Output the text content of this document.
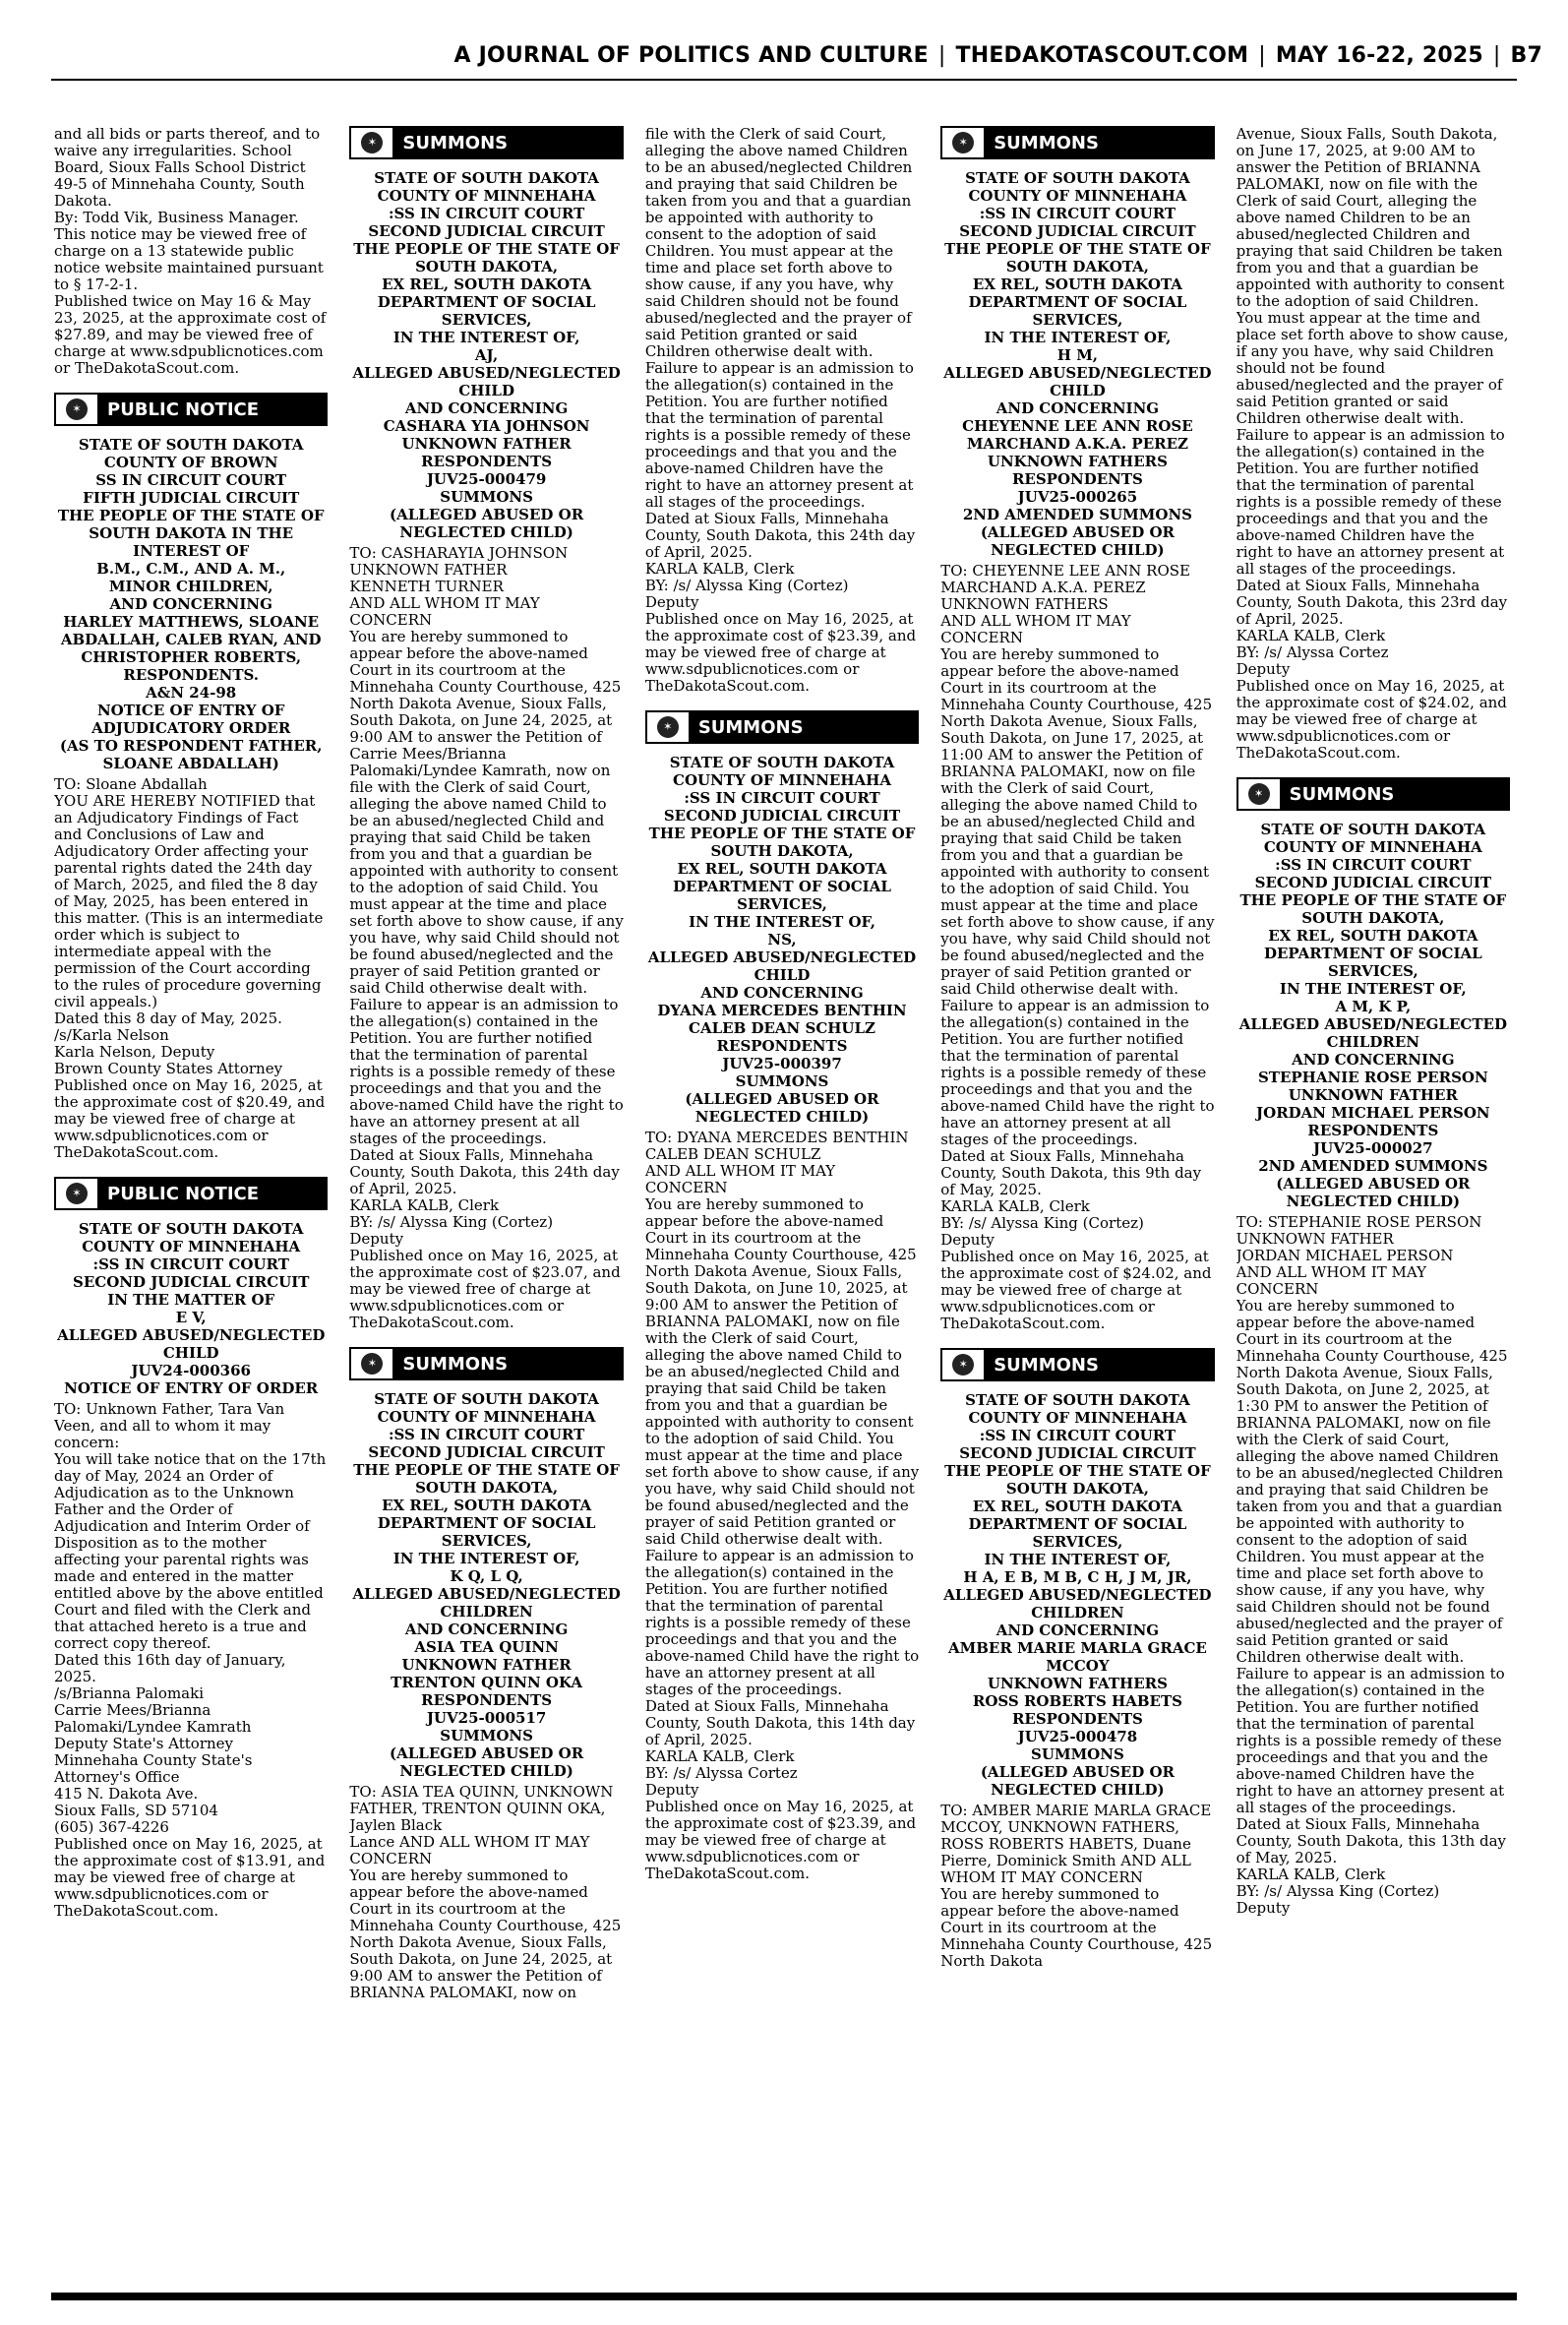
A JOURNAL OF POLITICS AND CULTURE | THEDAKOTASCOUT.COM | MAY 16-22, 2025 | B7
and all bids or parts thereof, and to waive any irregularities. School Board, Sioux Falls School District 49-5 of Minnehaha County, South Dakota.
By: Todd Vik, Business Manager.
This notice may be viewed free of charge on a 13 statewide public notice website maintained pursuant to § 17-2-1.
Published twice on May 16 & May 23, 2025, at the approximate cost of $27.89, and may be viewed free of charge at www.sdpublicnotices.com or TheDakotaScout.com.
✶	PUBLIC NOTICE
STATE OF SOUTH DAKOTA
COUNTY OF BROWN
SS IN CIRCUIT COURT
FIFTH JUDICIAL CIRCUIT
THE PEOPLE OF THE STATE OF SOUTH DAKOTA IN THE INTEREST OF
B.M., C.M., AND A. M.,
MINOR CHILDREN,
AND CONCERNING
HARLEY MATTHEWS, SLOANE ABDALLAH, CALEB RYAN, AND CHRISTOPHER ROBERTS,
RESPONDENTS.
A&N 24-98
NOTICE OF ENTRY OF ADJUDICATORY ORDER
(AS TO RESPONDENT FATHER, SLOANE ABDALLAH)
TO: Sloane Abdallah
YOU ARE HEREBY NOTIFIED that an Adjudicatory Findings of Fact and Conclusions of Law and Adjudicatory Order affecting your parental rights dated the 24th day of March, 2025, and filed the 8 day of May, 2025, has been entered in this matter. (This is an intermediate order which is subject to intermediate appeal with the permission of the Court according to the rules of procedure governing civil appeals.)
Dated this 8 day of May, 2025.
/s/Karla Nelson
Karla Nelson, Deputy
Brown County States Attorney
Published once on May 16, 2025, at the approximate cost of $20.49, and may be viewed free of charge at www.sdpublicnotices.com or TheDakotaScout.com.
✶	PUBLIC NOTICE
STATE OF SOUTH DAKOTA
COUNTY OF MINNEHAHA
:SS IN CIRCUIT COURT
SECOND JUDICIAL CIRCUIT
IN THE MATTER OF
E V,
ALLEGED ABUSED/NEGLECTED CHILD
JUV24-000366
NOTICE OF ENTRY OF ORDER
TO: Unknown Father, Tara Van Veen, and all to whom it may concern:
You will take notice that on the 17th day of May, 2024 an Order of Adjudication as to the Unknown Father and the Order of Adjudication and Interim Order of Disposition as to the mother affecting your parental rights was made and entered in the matter entitled above by the above entitled Court and filed with the Clerk and that attached hereto is a true and correct copy thereof.
Dated this 16th day of January, 2025.
/s/Brianna Palomaki
Carrie Mees/Brianna Palomaki/Lyndee Kamrath
Deputy State's Attorney
Minnehaha County State's Attorney's Office
415 N. Dakota Ave.
Sioux Falls, SD 57104
(605) 367-4226
Published once on May 16, 2025, at the approximate cost of $13.91, and may be viewed free of charge at www.sdpublicnotices.com or TheDakotaScout.com.
✶	SUMMONS
STATE OF SOUTH DAKOTA
COUNTY OF MINNEHAHA
:SS IN CIRCUIT COURT
SECOND JUDICIAL CIRCUIT
THE PEOPLE OF THE STATE OF SOUTH DAKOTA,
EX REL, SOUTH DAKOTA DEPARTMENT OF SOCIAL SERVICES,
IN THE INTEREST OF,
AJ,
ALLEGED ABUSED/NEGLECTED CHILD
AND CONCERNING
CASHARA YIA JOHNSON
UNKNOWN FATHER
RESPONDENTS
JUV25-000479
SUMMONS
(ALLEGED ABUSED OR NEGLECTED CHILD)
TO: CASHARAYIA JOHNSON
UNKNOWN FATHER
KENNETH TURNER
AND ALL WHOM IT MAY CONCERN
You are hereby summoned to appear before the above-named Court in its courtroom at the Minnehaha County Courthouse, 425 North Dakota Avenue, Sioux Falls, South Dakota, on June 24, 2025, at 9:00 AM to answer the Petition of Carrie Mees/Brianna Palomaki/Lyndee Kamrath, now on file with the Clerk of said Court, alleging the above named Child to be an abused/neglected Child and praying that said Child be taken from you and that a guardian be appointed with authority to consent to the adoption of said Child. You must appear at the time and place set forth above to show cause, if any you have, why said Child should not be found abused/neglected and the prayer of said Petition granted or said Child otherwise dealt with. Failure to appear is an admission to the allegation(s) contained in the Petition. You are further notified that the termination of parental rights is a possible remedy of these proceedings and that you and the above-named Child have the right to have an attorney present at all stages of the proceedings.
Dated at Sioux Falls, Minnehaha County, South Dakota, this 24th day of April, 2025.
KARLA KALB, Clerk
BY: /s/ Alyssa King (Cortez)
Deputy
Published once on May 16, 2025, at the approximate cost of $23.07, and may be viewed free of charge at www.sdpublicnotices.com or TheDakotaScout.com.
✶	SUMMONS
STATE OF SOUTH DAKOTA
COUNTY OF MINNEHAHA
:SS IN CIRCUIT COURT
SECOND JUDICIAL CIRCUIT
THE PEOPLE OF THE STATE OF SOUTH DAKOTA,
EX REL, SOUTH DAKOTA DEPARTMENT OF SOCIAL SERVICES,
IN THE INTEREST OF,
K Q, L Q,
ALLEGED ABUSED/NEGLECTED CHILDREN
AND CONCERNING
ASIA TEA QUINN
UNKNOWN FATHER
TRENTON QUINN OKA
RESPONDENTS
JUV25-000517
SUMMONS
(ALLEGED ABUSED OR NEGLECTED CHILD)
TO: ASIA TEA QUINN, UNKNOWN FATHER, TRENTON QUINN OKA, Jaylen Black
Lance AND ALL WHOM IT MAY CONCERN
You are hereby summoned to appear before the above-named Court in its courtroom at the Minnehaha County Courthouse, 425 North Dakota Avenue, Sioux Falls, South Dakota, on June 24, 2025, at 9:00 AM to answer the Petition of BRIANNA PALOMAKI, now on
file with the Clerk of said Court, alleging the above named Children to be an abused/neglected Children and praying that said Children be taken from you and that a guardian be appointed with authority to consent to the adoption of said Children. You must appear at the time and place set forth above to show cause, if any you have, why said Children should not be found abused/neglected and the prayer of said Petition granted or said Children otherwise dealt with. Failure to appear is an admission to the allegation(s) contained in the Petition. You are further notified that the termination of parental rights is a possible remedy of these proceedings and that you and the above-named Children have the right to have an attorney present at all stages of the proceedings.
Dated at Sioux Falls, Minnehaha County, South Dakota, this 24th day of April, 2025.
KARLA KALB, Clerk
BY: /s/ Alyssa King (Cortez)
Deputy
Published once on May 16, 2025, at the approximate cost of $23.39, and may be viewed free of charge at www.sdpublicnotices.com or TheDakotaScout.com.
✶	SUMMONS
STATE OF SOUTH DAKOTA
COUNTY OF MINNEHAHA
:SS IN CIRCUIT COURT
SECOND JUDICIAL CIRCUIT
THE PEOPLE OF THE STATE OF SOUTH DAKOTA,
EX REL, SOUTH DAKOTA DEPARTMENT OF SOCIAL SERVICES,
IN THE INTEREST OF,
NS,
ALLEGED ABUSED/NEGLECTED CHILD
AND CONCERNING
DYANA MERCEDES BENTHIN
CALEB DEAN SCHULZ
RESPONDENTS
JUV25-000397
SUMMONS
(ALLEGED ABUSED OR NEGLECTED CHILD)
TO: DYANA MERCEDES BENTHIN
CALEB DEAN SCHULZ
AND ALL WHOM IT MAY CONCERN
You are hereby summoned to appear before the above-named Court in its courtroom at the Minnehaha County Courthouse, 425 North Dakota Avenue, Sioux Falls, South Dakota, on June 10, 2025, at 9:00 AM to answer the Petition of BRIANNA PALOMAKI, now on file with the Clerk of said Court, alleging the above named Child to be an abused/neglected Child and praying that said Child be taken from you and that a guardian be appointed with authority to consent to the adoption of said Child. You must appear at the time and place set forth above to show cause, if any you have, why said Child should not be found abused/neglected and the prayer of said Petition granted or said Child otherwise dealt with. Failure to appear is an admission to the allegation(s) contained in the Petition. You are further notified that the termination of parental rights is a possible remedy of these proceedings and that you and the above-named Child have the right to have an attorney present at all stages of the proceedings.
Dated at Sioux Falls, Minnehaha County, South Dakota, this 14th day of April, 2025.
KARLA KALB, Clerk
BY: /s/ Alyssa Cortez
Deputy
Published once on May 16, 2025, at the approximate cost of $23.39, and may be viewed free of charge at www.sdpublicnotices.com or TheDakotaScout.com.
✶	SUMMONS
STATE OF SOUTH DAKOTA
COUNTY OF MINNEHAHA
:SS IN CIRCUIT COURT
SECOND JUDICIAL CIRCUIT
THE PEOPLE OF THE STATE OF SOUTH DAKOTA,
EX REL, SOUTH DAKOTA DEPARTMENT OF SOCIAL SERVICES,
IN THE INTEREST OF,
H M,
ALLEGED ABUSED/NEGLECTED CHILD
AND CONCERNING
CHEYENNE LEE ANN ROSE MARCHAND A.K.A. PEREZ
UNKNOWN FATHERS
RESPONDENTS
JUV25-000265
2ND AMENDED SUMMONS
(ALLEGED ABUSED OR NEGLECTED CHILD)
TO: CHEYENNE LEE ANN ROSE MARCHAND A.K.A. PEREZ
UNKNOWN FATHERS
AND ALL WHOM IT MAY CONCERN
You are hereby summoned to appear before the above-named Court in its courtroom at the Minnehaha County Courthouse, 425 North Dakota Avenue, Sioux Falls, South Dakota, on June 17, 2025, at 11:00 AM to answer the Petition of BRIANNA PALOMAKI, now on file with the Clerk of said Court, alleging the above named Child to be an abused/neglected Child and praying that said Child be taken from you and that a guardian be appointed with authority to consent to the adoption of said Child. You must appear at the time and place set forth above to show cause, if any you have, why said Child should not be found abused/neglected and the prayer of said Petition granted or said Child otherwise dealt with. Failure to appear is an admission to the allegation(s) contained in the Petition. You are further notified that the termination of parental rights is a possible remedy of these proceedings and that you and the above-named Child have the right to have an attorney present at all stages of the proceedings.
Dated at Sioux Falls, Minnehaha County, South Dakota, this 9th day of May, 2025.
KARLA KALB, Clerk
BY: /s/ Alyssa King (Cortez)
Deputy
Published once on May 16, 2025, at the approximate cost of $24.02, and may be viewed free of charge at www.sdpublicnotices.com or TheDakotaScout.com.
✶	SUMMONS
STATE OF SOUTH DAKOTA
COUNTY OF MINNEHAHA
:SS IN CIRCUIT COURT
SECOND JUDICIAL CIRCUIT
THE PEOPLE OF THE STATE OF SOUTH DAKOTA,
EX REL, SOUTH DAKOTA DEPARTMENT OF SOCIAL SERVICES,
IN THE INTEREST OF,
H A, E B, M B, C H, J M, JR,
ALLEGED ABUSED/NEGLECTED CHILDREN
AND CONCERNING
AMBER MARIE MARLA GRACE MCCOY
UNKNOWN FATHERS
ROSS ROBERTS HABETS
RESPONDENTS
JUV25-000478
SUMMONS
(ALLEGED ABUSED OR NEGLECTED CHILD)
TO: AMBER MARIE MARLA GRACE MCCOY, UNKNOWN FATHERS, ROSS ROBERTS HABETS, Duane Pierre, Dominick Smith AND ALL WHOM IT MAY CONCERN
You are hereby summoned to appear before the above-named Court in its courtroom at the Minnehaha County Courthouse, 425 North Dakota
Avenue, Sioux Falls, South Dakota, on June 17, 2025, at 9:00 AM to answer the Petition of BRIANNA PALOMAKI, now on file with the Clerk of said Court, alleging the above named Children to be an abused/neglected Children and praying that said Children be taken from you and that a guardian be appointed with authority to consent to the adoption of said Children. You must appear at the time and place set forth above to show cause, if any you have, why said Children should not be found abused/neglected and the prayer of said Petition granted or said Children otherwise dealt with. Failure to appear is an admission to the allegation(s) contained in the Petition. You are further notified that the termination of parental rights is a possible remedy of these proceedings and that you and the above-named Children have the right to have an attorney present at all stages of the proceedings.
Dated at Sioux Falls, Minnehaha County, South Dakota, this 23rd day of April, 2025.
KARLA KALB, Clerk
BY: /s/ Alyssa Cortez
Deputy
Published once on May 16, 2025, at the approximate cost of $24.02, and may be viewed free of charge at www.sdpublicnotices.com or TheDakotaScout.com.
✶	SUMMONS
STATE OF SOUTH DAKOTA
COUNTY OF MINNEHAHA
:SS IN CIRCUIT COURT
SECOND JUDICIAL CIRCUIT
THE PEOPLE OF THE STATE OF SOUTH DAKOTA,
EX REL, SOUTH DAKOTA DEPARTMENT OF SOCIAL SERVICES,
IN THE INTEREST OF,
A M, K P,
ALLEGED ABUSED/NEGLECTED CHILDREN
AND CONCERNING
STEPHANIE ROSE PERSON
UNKNOWN FATHER
JORDAN MICHAEL PERSON
RESPONDENTS
JUV25-000027
2ND AMENDED SUMMONS
(ALLEGED ABUSED OR NEGLECTED CHILD)
TO: STEPHANIE ROSE PERSON
UNKNOWN FATHER
JORDAN MICHAEL PERSON
AND ALL WHOM IT MAY CONCERN
You are hereby summoned to appear before the above-named Court in its courtroom at the Minnehaha County Courthouse, 425 North Dakota Avenue, Sioux Falls, South Dakota, on June 2, 2025, at 1:30 PM to answer the Petition of BRIANNA PALOMAKI, now on file with the Clerk of said Court, alleging the above named Children to be an abused/neglected Children and praying that said Children be taken from you and that a guardian be appointed with authority to consent to the adoption of said Children. You must appear at the time and place set forth above to show cause, if any you have, why said Children should not be found abused/neglected and the prayer of said Petition granted or said Children otherwise dealt with. Failure to appear is an admission to the allegation(s) contained in the Petition. You are further notified that the termination of parental rights is a possible remedy of these proceedings and that you and the above-named Children have the right to have an attorney present at all stages of the proceedings.
Dated at Sioux Falls, Minnehaha County, South Dakota, this 13th day of May, 2025.
KARLA KALB, Clerk
BY: /s/ Alyssa King (Cortez)
Deputy
